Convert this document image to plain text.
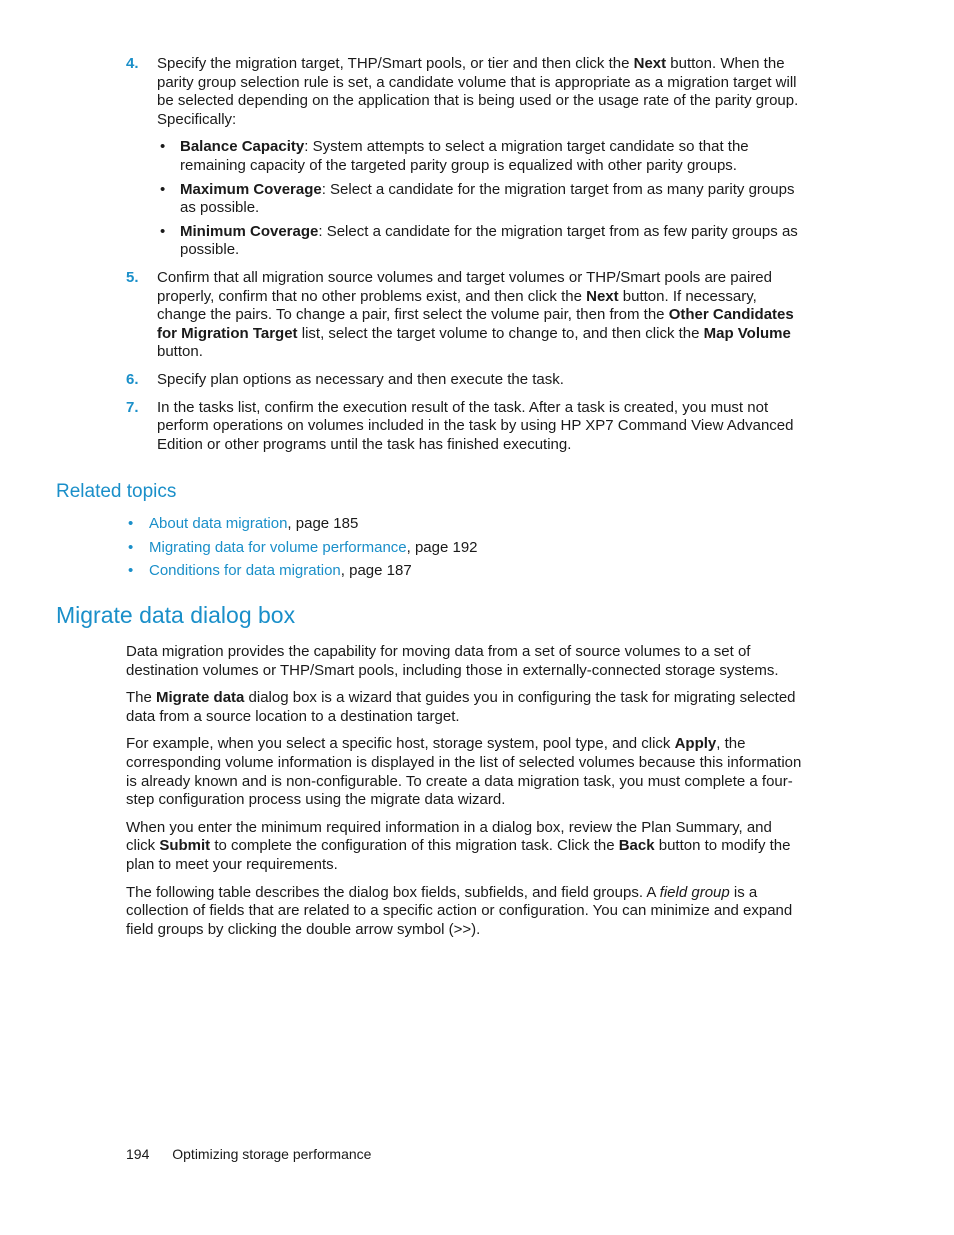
4. Specify the migration target, THP/Smart pools, or tier and then click the Next button. When the parity group selection rule is set, a candidate volume that is appropriate as a migration target will be selected depending on the application that is being used or the usage rate of the parity group. Specifically:

• Balance Capacity: System attempts to select a migration target candidate so that the remaining capacity of the targeted parity group is equalized with other parity groups.
• Maximum Coverage: Select a candidate for the migration target from as many parity groups as possible.
• Minimum Coverage: Select a candidate for the migration target from as few parity groups as possible.
5. Confirm that all migration source volumes and target volumes or THP/Smart pools are paired properly, confirm that no other problems exist, and then click the Next button. If necessary, change the pairs. To change a pair, first select the volume pair, then from the Other Candidates for Migration Target list, select the target volume to change to, and then click the Map Volume button.

6. Specify plan options as necessary and then execute the task.

7. In the tasks list, confirm the execution result of the task. After a task is created, you must not perform operations on volumes included in the task by using HP XP7 Command View Advanced Edition or other programs until the task has finished executing.

Related topics
• About data migration, page 185
• Migrating data for volume performance, page 192
• Conditions for data migration, page 187
Migrate data dialog box

Data migration provides the capability for moving data from a set of source volumes to a set of destination volumes or THP/Smart pools, including those in externally-connected storage systems.

The Migrate data dialog box is a wizard that guides you in configuring the task for migrating selected data from a source location to a destination target.

For example, when you select a specific host, storage system, pool type, and click Apply, the corresponding volume information is displayed in the list of selected volumes because this information is already known and is non-configurable. To create a data migration task, you must complete a four-step configuration process using the migrate data wizard.

When you enter the minimum required information in a dialog box, review the Plan Summary, and click Submit to complete the configuration of this migration task. Click the Back button to modify the plan to meet your requirements.

The following table describes the dialog box fields, subfields, and field groups. A field group is a collection of fields that are related to a specific action or configuration. You can minimize and expand field groups by clicking the double arrow symbol (>>).

194 Optimizing storage performance
